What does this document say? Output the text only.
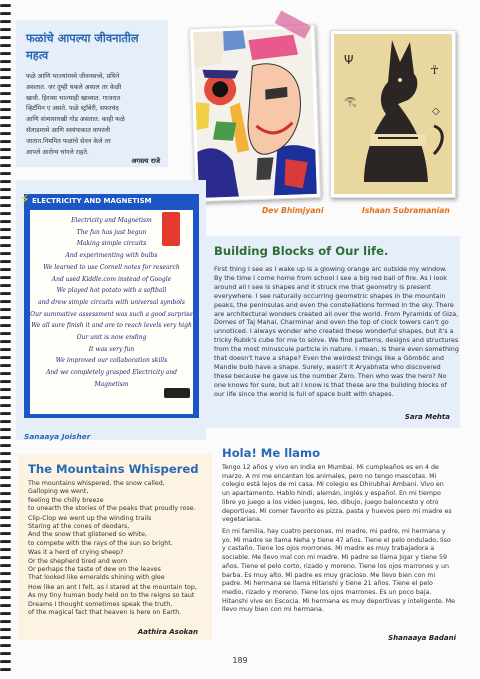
फळांचे आपल्या जीवनातील
महत्व
फळे आणि भाज्यांमध्ये जीवनसत्त्वे, प्रथिने
असतात. जर तुम्ही थकले असाल तर केळी
खावी. हिरव्या भाज्याही खाव्यात. गाजरात
व्हिटॅमिन ए असते. फळे स्ट्रॉबेरी, सफरचंद
आणि संत्र्यासारखी गोड असतात. काही फळे
सॅलाडमध्ये आणि स्वयंपाकात वापरली
जातात.नियमित फळांचे सेवन केले तर
आपले आरोग्य चांगले राहते.
अगस्त्य राजे
Dev Bhimjyani
Ψ
☥
𓂀
◇
Ishaan Subramanian
Electricity and Magnetism
The fun has just begun
Making simple circuits
And experimenting with bulbs
We learned to use Cornell notes for research
And used Kiddle.com instead of Google
We played hot potato with a softball
and drew simple circuits with universal symbols
Our summative assessment was such a good surprise
We all sure finish it and are to reach levels very high
Our unit is now ending
It was very fun
We improved our collaboration skills
And we completely grasped Electricity and Magnetism
ELECTRICITY AND MAGNETISM
⚡
Sanaaya Joisher
Building Blocks of Our life.
First thing I see as I wake up is a glowing orange arc outside my window.
By the time I come home from school I see a big red ball of fire. As I look
around all I see is shapes and it struck me that geometry is present
everywhere. I see naturally occurring geometric shapes in the mountain
peaks, the peninsulas and even the constellations formed in the sky. There
are architectural wonders created all over the world. From Pyramids of Giza,
Domes of Taj Mahal, Charminar and even the top of clock towers can't go
unnoticed. I always wonder who created these wonderful shapes, but it's a
tricky Rubik's cube for me to solve. We find patterns, designs and structures
from the most minuscule particle in nature. I mean, is there even something
that doesn't have a shape? Even the weirdest things like a Gömböc and
Mandle bulb have a shape. Surely, wasn't it Aryabhata who discovered
these because he gave us the number Zero. Then who was the hero? No
one knows for sure, but all I know is that these are the building blocks of
our life since the world is full of space built with shapes.
Sara Mehta
The Mountains Whispered
The mountains whispered, the snow called,
Galloping we went,
feeling the chilly breeze
to unearth the stories of the peaks that proudly rose.
Clip-Clop we went up the winding trails
Staring at the cones of deodars,
And the snow that glistened so white,
to compete with the rays of the sun so bright.
Was it a herd of crying sheep?
Or the shepherd tired and worn
Or perhaps the taste of dew on the leaves
That looked like emeralds shining with glee
How like an ant I felt, as I stared at the mountain top,
As my tiny human body held on to the reigns so taut
Dreams I thought sometimes speak the truth,
of the magical fact that heaven is here on Earth.
Aathira Asokan
Hola! Me llamo
Tengo 12 años y vivo en India en Mumbai. Mi cumpleaños es en 4 de
marzo. A mi me encantan los animales, pero no tengo mascotas. Mi
colegio está lejos de mi casa. Mi colegio es Dhirubhai Ambani. Vivo en
un apartamento. Hablo hindi, alemán, inglés y español. En mi tiempo
libre yo juego a los video juegos, leo, dibujo, juego baloncesto y otro
deportivas. Mi comer favorito es pizza, pasta y huevos pero mi madre es
vegetariana.
En mi familia, hay cuatro personas, mi madre, mi padre, mi hermana y
yo. Mi madre se llama Neha y tiene 47 años. Tiene el pelo ondulado, liso
y castaño. Tiene los ojos morrones. Mi madre es muy trabajadora a
sociable. Me llevo mal con mi madre. Mi padre se llama Jigar y tiene 59
años. Tiene el pelo corto, rizado y moreno. Tiene los ojos marrones y un
barba. Es muy alto. Mi padre es muy gracioso. Me llevo bien con mi
padre. Mi hermana se llama Hitanshi y tiene 21 años. Tiene el pelo
medio, rizado y moreno. Tiene los ojos marrones. Es un poco baja.
Hitanshi vive en Escocia. Mi hermana es muy deportivas y inteligente. Me
llevo muy bien con mi hermana.
Shanaaya Badani
189
